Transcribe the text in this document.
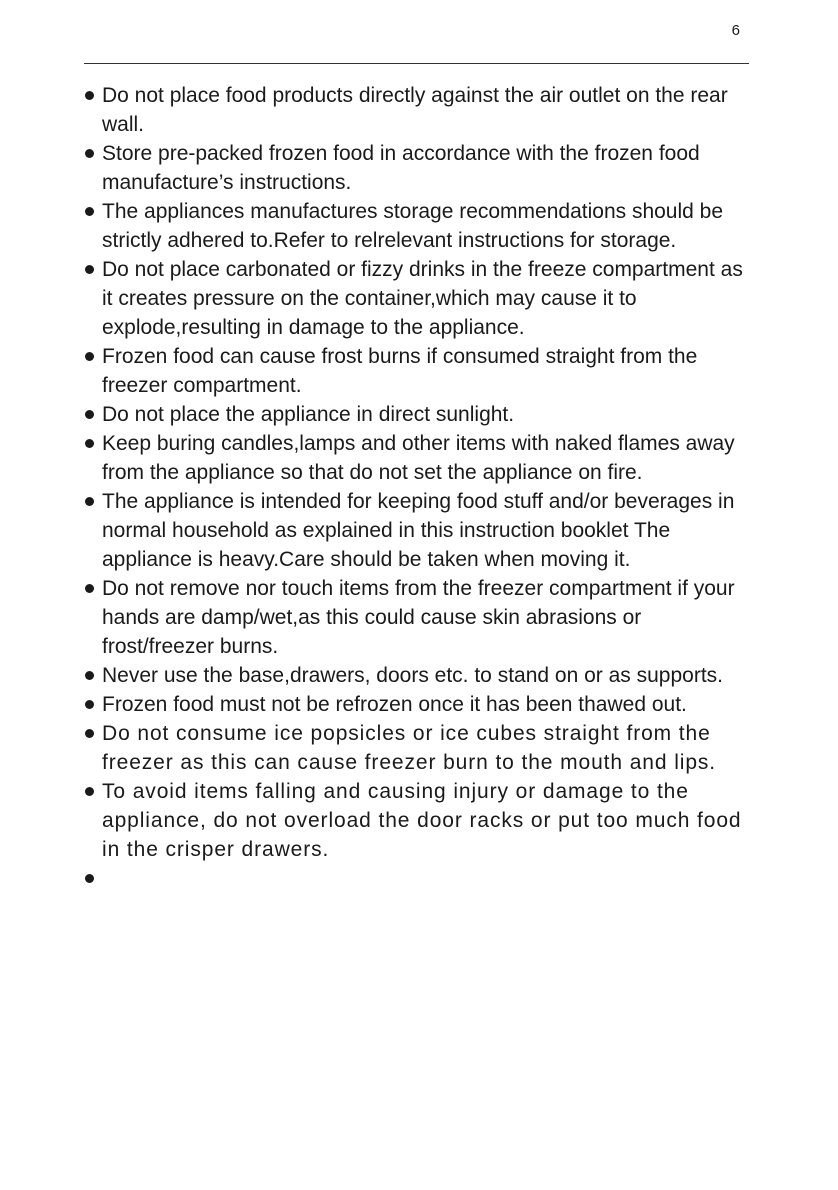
6
Do not place food products directly against the air outlet on the rear wall.
Store pre-packed frozen food in accordance with the frozen food manufacture’s instructions.
The appliances manufactures storage recommendations should be strictly adhered to.Refer to relrelevant instructions for storage.
Do not place carbonated or fizzy drinks in the freeze compartment as it creates pressure on the container,which may cause it to explode,resulting in damage to the appliance.
Frozen food can cause frost burns if consumed straight from the freezer compartment.
Do not place the appliance in direct sunlight.
Keep buring candles,lamps and other items with naked flames away from the appliance so that do not set the appliance on fire.
The appliance is intended for keeping food stuff and/or beverages in normal household as explained in this instruction booklet The appliance is heavy.Care should be taken when moving it.
Do not remove nor touch items from the freezer compartment if your hands are damp/wet,as this could cause skin abrasions or frost/freezer burns.
Never use the base,drawers, doors etc. to stand on or as supports.
Frozen food must not be refrozen once it has been thawed out.
Do not consume ice popsicles or ice cubes straight from the freezer as this can cause freezer burn to the mouth and lips.
To avoid items falling and causing injury or damage to the appliance, do not overload the door racks or put too much food in the crisper drawers.
